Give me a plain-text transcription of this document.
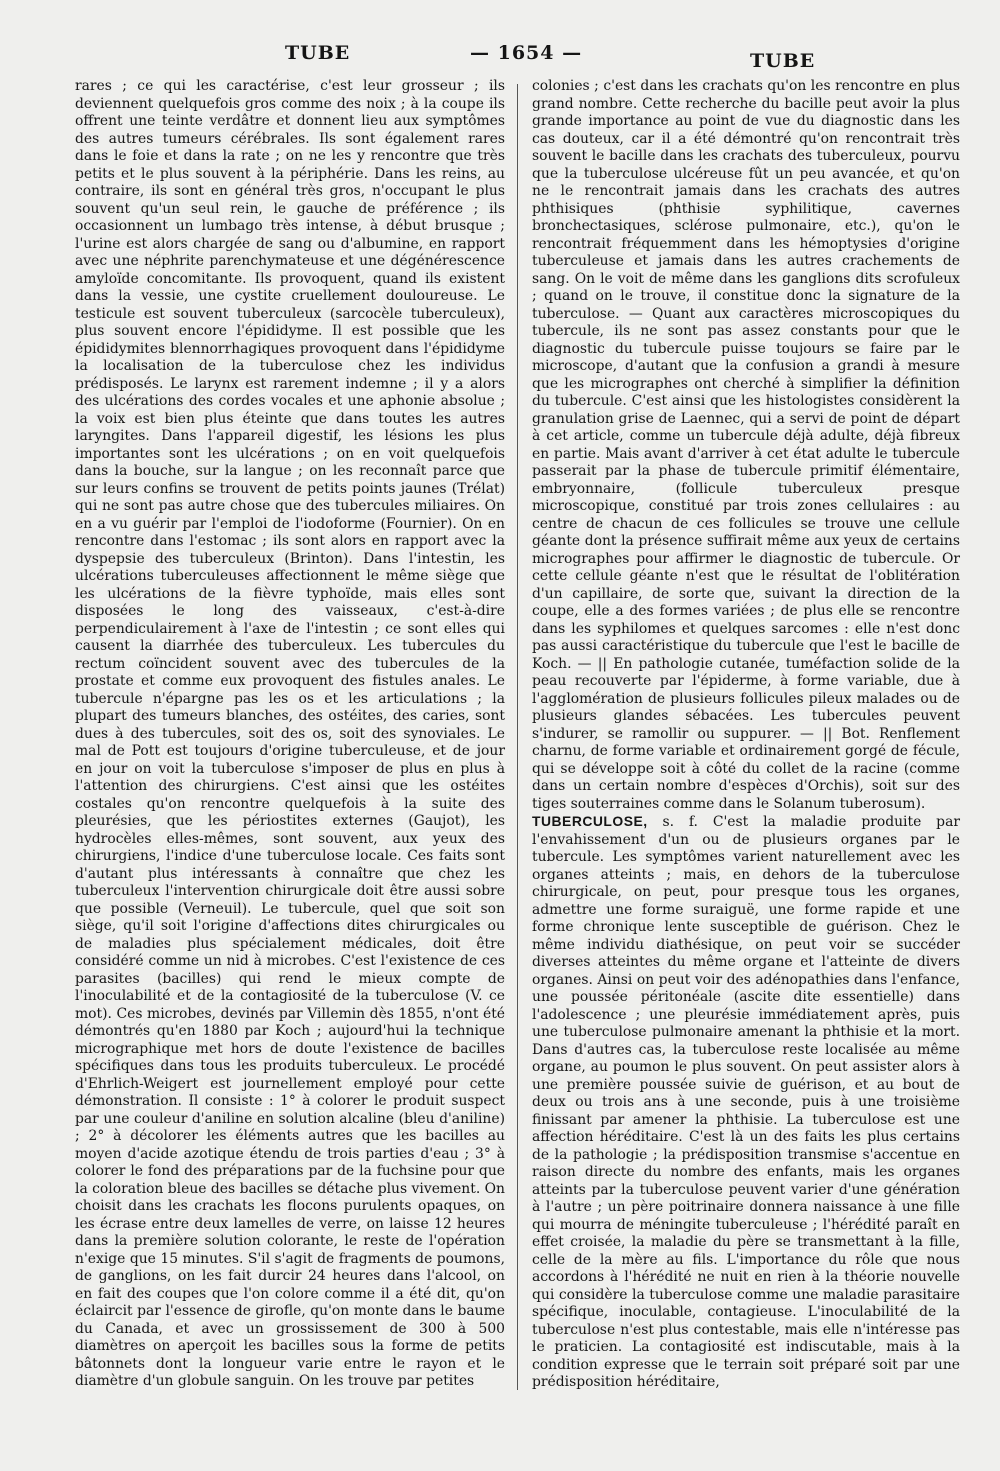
TUBE	— 1654 —	TUBE

rares ; ce qui les caractérise, c'est leur grosseur ; ils deviennent quelquefois gros comme des noix ; à la coupe ils offrent une teinte verdâtre et donnent lieu aux symptômes des autres tumeurs cérébrales. Ils sont également rares dans le foie et dans la rate ; on ne les y rencontre que très petits et le plus souvent à la périphérie. Dans les reins, au contraire, ils sont en général très gros, n'occupant le plus souvent qu'un seul rein, le gauche de préférence ; ils occasionnent un lumbago très intense, à début brusque ; l'urine est alors chargée de sang ou d'albumine, en rapport avec une néphrite parenchymateuse et une dégénérescence amyloïde concomitante. Ils provoquent, quand ils existent dans la vessie, une cystite cruellement douloureuse. Le testicule est souvent tuberculeux (sarcocèle tuberculeux), plus souvent encore l'épididyme. Il est possible que les épididymites blennorrhagiques provoquent dans l'épididyme la localisation de la tuberculose chez les individus prédisposés. Le larynx est rarement indemne ; il y a alors des ulcérations des cordes vocales et une aphonie absolue ; la voix est bien plus éteinte que dans toutes les autres laryngites. Dans l'appareil digestif, les lésions les plus importantes sont les ulcérations ; on en voit quelquefois dans la bouche, sur la langue ; on les reconnaît parce que sur leurs confins se trouvent de petits points jaunes (Trélat) qui ne sont pas autre chose que des tubercules miliaires. On en a vu guérir par l'emploi de l'iodoforme (Fournier). On en rencontre dans l'estomac ; ils sont alors en rapport avec la dyspepsie des tuberculeux (Brinton). Dans l'intestin, les ulcérations tuberculeuses affectionnent le même siège que les ulcérations de la fièvre typhoïde, mais elles sont disposées le long des vaisseaux, c'est-à-dire perpendiculairement à l'axe de l'intestin ; ce sont elles qui causent la diarrhée des tuberculeux. Les tubercules du rectum coïncident souvent avec des tubercules de la prostate et comme eux provoquent des fistules anales. Le tubercule n'épargne pas les os et les articulations ; la plupart des tumeurs blanches, des ostéites, des caries, sont dues à des tubercules, soit des os, soit des synoviales. Le mal de Pott est toujours d'origine tuberculeuse, et de jour en jour on voit la tuberculose s'imposer de plus en plus à l'attention des chirurgiens. C'est ainsi que les ostéites costales qu'on rencontre quelquefois à la suite des pleurésies, que les périostites externes (Gaujot), les hydrocèles elles-mêmes, sont souvent, aux yeux des chirurgiens, l'indice d'une tuberculose locale. Ces faits sont d'autant plus intéressants à connaître que chez les tuberculeux l'intervention chirurgicale doit être aussi sobre que possible (Verneuil). Le tubercule, quel que soit son siège, qu'il soit l'origine d'affections dites chirurgicales ou de maladies plus spécialement médicales, doit être considéré comme un nid à microbes. C'est l'existence de ces parasites (bacilles) qui rend le mieux compte de l'inoculabilité et de la contagiosité de la tuberculose (V. ce mot). Ces microbes, devinés par Villemin dès 1855, n'ont été démontrés qu'en 1880 par Koch ; aujourd'hui la technique micrographique met hors de doute l'existence de bacilles spécifiques dans tous les produits tuberculeux. Le procédé d'Ehrlich-Weigert est journellement employé pour cette démonstration. Il consiste : 1° à colorer le produit suspect par une couleur d'aniline en solution alcaline (bleu d'aniline) ; 2° à décolorer les éléments autres que les bacilles au moyen d'acide azotique étendu de trois parties d'eau ; 3° à colorer le fond des préparations par de la fuchsine pour que la coloration bleue des bacilles se détache plus vivement. On choisit dans les crachats les flocons purulents opaques, on les écrase entre deux lamelles de verre, on laisse 12 heures dans la première solution colorante, le reste de l'opération n'exige que 15 minutes. S'il s'agit de fragments de poumons, de ganglions, on les fait durcir 24 heures dans l'alcool, on en fait des coupes que l'on colore comme il a été dit, qu'on éclaircit par l'essence de girofle, qu'on monte dans le baume du Canada, et avec un grossissement de 300 à 500 diamètres on aperçoit les bacilles sous la forme de petits bâtonnets dont la longueur varie entre le rayon et le diamètre d'un globule sanguin. On les trouve par petites

colonies ; c'est dans les crachats qu'on les rencontre en plus grand nombre. Cette recherche du bacille peut avoir la plus grande importance au point de vue du diagnostic dans les cas douteux, car il a été démontré qu'on rencontrait très souvent le bacille dans les crachats des tuberculeux, pourvu que la tuberculose ulcéreuse fût un peu avancée, et qu'on ne le rencontrait jamais dans les crachats des autres phthisiques (phthisie syphilitique, cavernes bronchectasiques, sclérose pulmonaire, etc.), qu'on le rencontrait fréquemment dans les hémoptysies d'origine tuberculeuse et jamais dans les autres crachements de sang. On le voit de même dans les ganglions dits scrofuleux ; quand on le trouve, il constitue donc la signature de la tuberculose. — Quant aux caractères microscopiques du tubercule, ils ne sont pas assez constants pour que le diagnostic du tubercule puisse toujours se faire par le microscope, d'autant que la confusion a grandi à mesure que les micrographes ont cherché à simplifier la définition du tubercule. C'est ainsi que les histologistes considèrent la granulation grise de Laennec, qui a servi de point de départ à cet article, comme un tubercule déjà adulte, déjà fibreux en partie. Mais avant d'arriver à cet état adulte le tubercule passerait par la phase de tubercule primitif élémentaire, embryonnaire, (follicule tuberculeux presque microscopique, constitué par trois zones cellulaires : au centre de chacun de ces follicules se trouve une cellule géante dont la présence suffirait même aux yeux de certains micrographes pour affirmer le diagnostic de tubercule. Or cette cellule géante n'est que le résultat de l'oblitération d'un capillaire, de sorte que, suivant la direction de la coupe, elle a des formes variées ; de plus elle se rencontre dans les syphilomes et quelques sarcomes : elle n'est donc pas aussi caractéristique du tubercule que l'est le bacille de Koch. — || En pathologie cutanée, tuméfaction solide de la peau recouverte par l'épiderme, à forme variable, due à l'agglomération de plusieurs follicules pileux malades ou de plusieurs glandes sébacées. Les tubercules peuvent s'indurer, se ramollir ou suppurer. — || Bot. Renflement charnu, de forme variable et ordinairement gorgé de fécule, qui se développe soit à côté du collet de la racine (comme dans un certain nombre d'espèces d'Orchis), soit sur des tiges souterraines comme dans le Solanum tuberosum).

TUBERCULOSE, s. f. C'est la maladie produite par l'envahissement d'un ou de plusieurs organes par le tubercule. Les symptômes varient naturellement avec les organes atteints ; mais, en dehors de la tuberculose chirurgicale, on peut, pour presque tous les organes, admettre une forme suraiguë, une forme rapide et une forme chronique lente susceptible de guérison. Chez le même individu diathésique, on peut voir se succéder diverses atteintes du même organe et l'atteinte de divers organes. Ainsi on peut voir des adénopathies dans l'enfance, une poussée péritonéale (ascite dite essentielle) dans l'adolescence ; une pleurésie immédiatement après, puis une tuberculose pulmonaire amenant la phthisie et la mort. Dans d'autres cas, la tuberculose reste localisée au même organe, au poumon le plus souvent. On peut assister alors à une première poussée suivie de guérison, et au bout de deux ou trois ans à une seconde, puis à une troisième finissant par amener la phthisie. La tuberculose est une affection héréditaire. C'est là un des faits les plus certains de la pathologie ; la prédisposition transmise s'accentue en raison directe du nombre des enfants, mais les organes atteints par la tuberculose peuvent varier d'une génération à l'autre ; un père poitrinaire donnera naissance à une fille qui mourra de méningite tuberculeuse ; l'hérédité paraît en effet croisée, la maladie du père se transmettant à la fille, celle de la mère au fils. L'importance du rôle que nous accordons à l'hérédité ne nuit en rien à la théorie nouvelle qui considère la tuberculose comme une maladie parasitaire spécifique, inoculable, contagieuse. L'inoculabilité de la tuberculose n'est plus contestable, mais elle n'intéresse pas le praticien. La contagiosité est indiscutable, mais à la condition expresse que le terrain soit préparé soit par une prédisposition héréditaire,
